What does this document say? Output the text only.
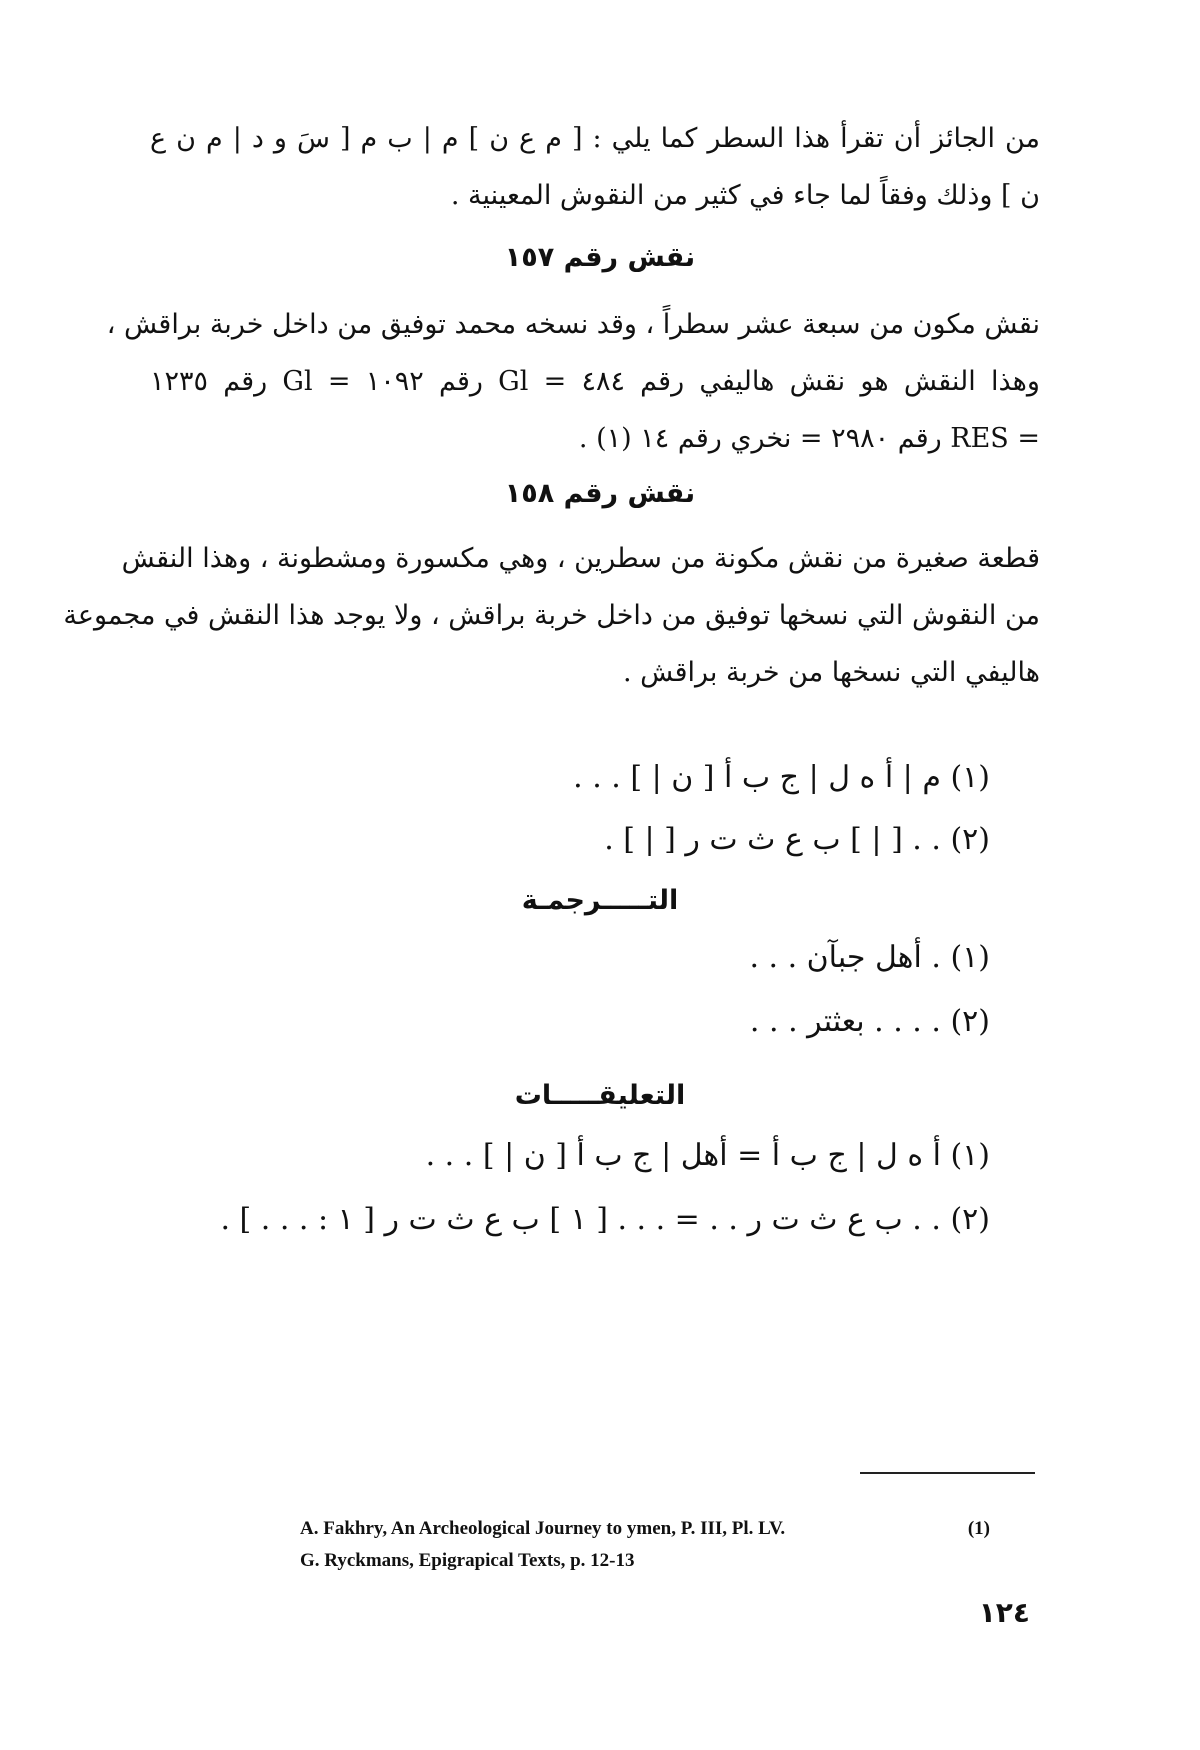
من الجائز أن تقرأ هذا السطر كما يلي : [ م ع ن ] م | ب م [ سَ و د | م ن ع
ن ] وذلك وفقاً لما جاء في كثير من النقوش المعينية .
نقش رقم ١٥٧
نقش مكون من سبعة عشر سطراً ، وقد نسخه محمد توفيق من داخل خربة براقش ،
وهذا النقش هو نقش هاليفي رقم ٤٨٤ = Gl رقم ١٠٩٢ = Gl رقم ١٢٣٥
= RES رقم ٢٩٨٠ = نخري رقم ١٤ (١) .
نقش رقم ١٥٨
قطعة صغيرة من نقش مكونة من سطرين ، وهي مكسورة ومشطونة ، وهذا النقش
من النقوش التي نسخها توفيق من داخل خربة براقش ، ولا يوجد هذا النقش في مجموعة
هاليفي التي نسخها من خربة براقش .
(١) م | أ ه ل | ج ب أ [ ن | ] . . .
(٢) . . [ | ] ب ع ث ت ر [ | ] .
التـــــرجمـة
(١) . أهل جبآن . . .
(٢) . . . . بعثتر . . .
التعليقـــــات
(١) أ ه ل | ج ب أ = أهل | ج ب أ [ ن | ] . . .
(٢) . . ب ع ث ت ر . . = . . . [ ١ ] ب ع ث ت ر [ ١ : . . . ] .
A. Fakhry, An Archeological Journey to ymen, P. III, Pl. LV.	(1)
G. Ryckmans, Epigrapical Texts, p. 12-13
١٢٤
